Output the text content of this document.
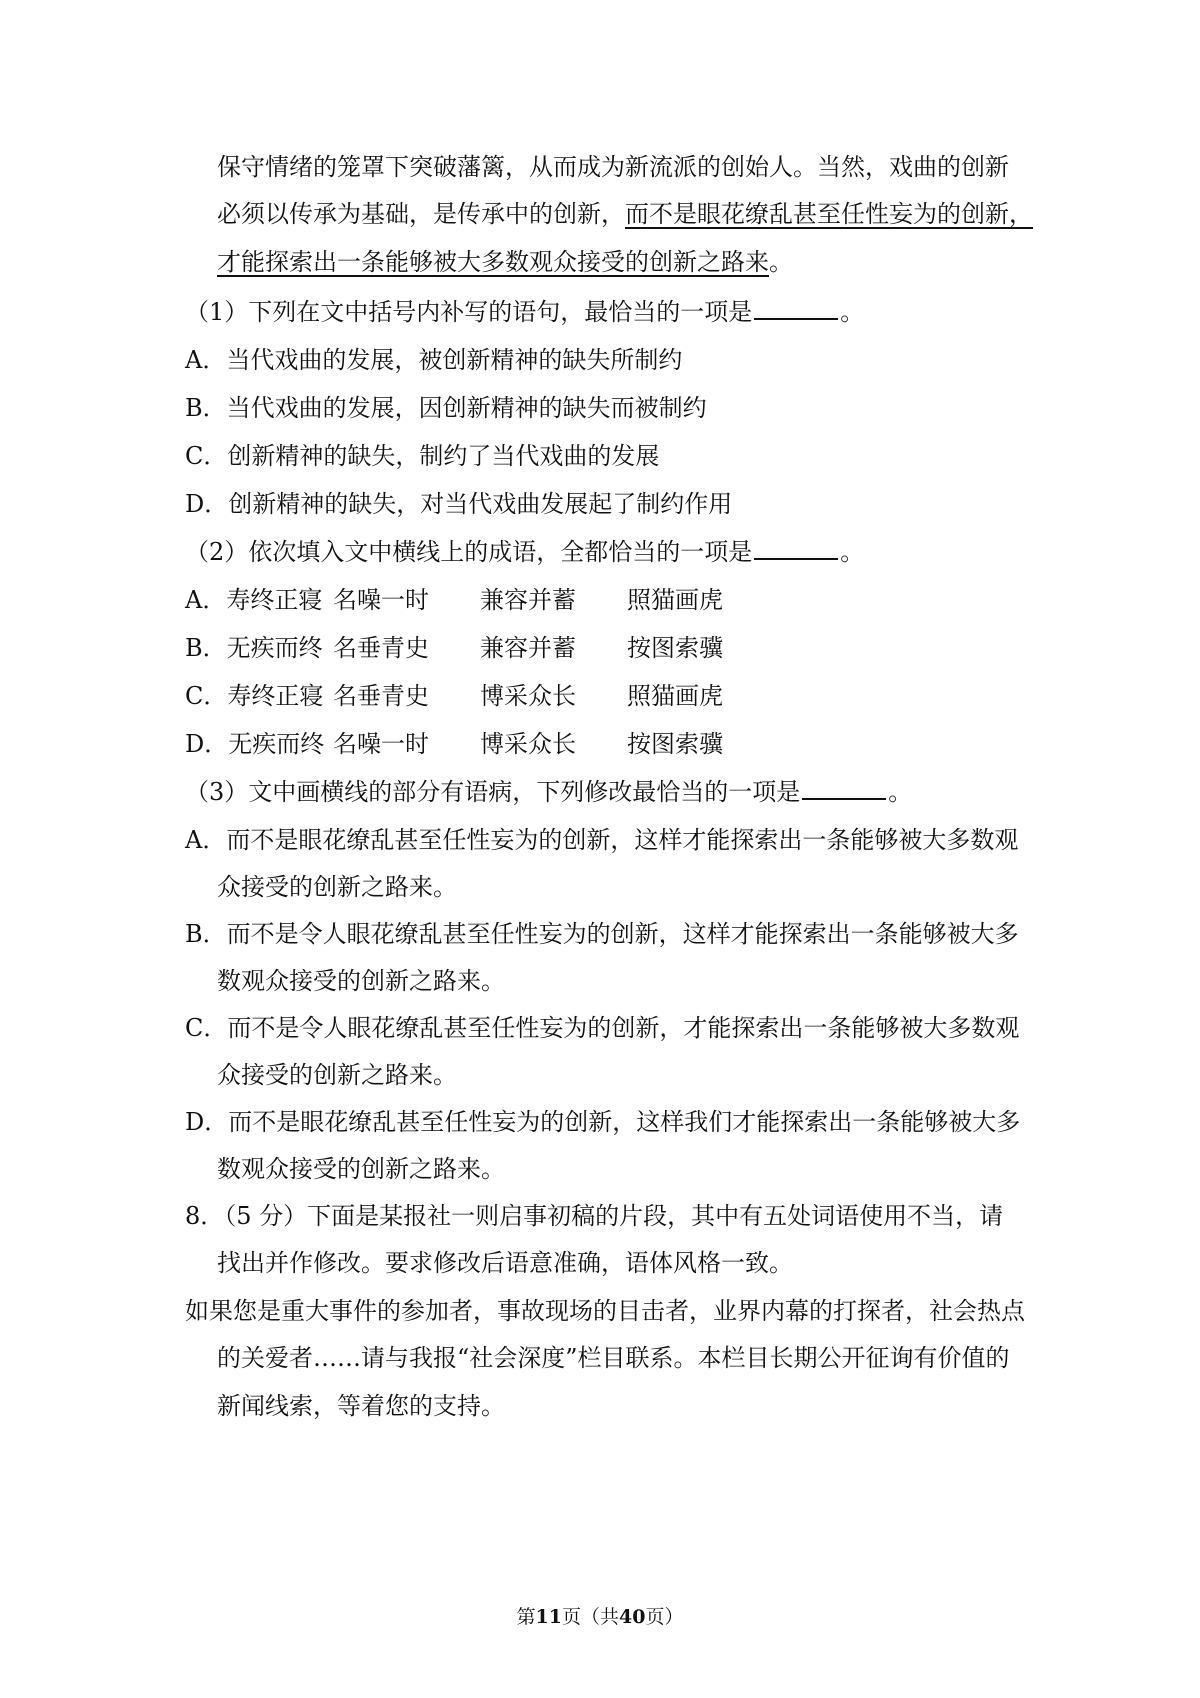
保守情绪的笼罩下突破藩篱，从而成为新流派的创始人。当然，戏曲的创新
必须以传承为基础，是传承中的创新，而不是眼花缭乱甚至任性妄为的创新，
才能探索出一条能够被大多数观众接受的创新之路来。
（1）下列在文中括号内补写的语句，最恰当的一项是	。
A．当代戏曲的发展，被创新精神的缺失所制约
B．当代戏曲的发展，因创新精神的缺失而被制约
C．创新精神的缺失，制约了当代戏曲的发展
D．创新精神的缺失，对当代戏曲发展起了制约作用
（2）依次填入文中横线上的成语，全都恰当的一项是	。
A．寿终正寝 名噪一时 兼容并蓄 照猫画虎
B．无疾而终 名垂青史 兼容并蓄 按图索骥
C．寿终正寝 名垂青史 博采众长 照猫画虎
D．无疾而终 名噪一时 博采众长 按图索骥
（3）文中画横线的部分有语病，下列修改最恰当的一项是	。
A．而不是眼花缭乱甚至任性妄为的创新，这样才能探索出一条能够被大多数观
众接受的创新之路来。
B．而不是令人眼花缭乱甚至任性妄为的创新，这样才能探索出一条能够被大多
数观众接受的创新之路来。
C．而不是令人眼花缭乱甚至任性妄为的创新，才能探索出一条能够被大多数观
众接受的创新之路来。
D．而不是眼花缭乱甚至任性妄为的创新，这样我们才能探索出一条能够被大多
数观众接受的创新之路来。
8．（5 分）下面是某报社一则启事初稿的片段，其中有五处词语使用不当，请
找出并作修改。要求修改后语意准确，语体风格一致。
如果您是重大事件的参加者，事故现场的目击者，业界内幕的打探者，社会热点
的关爱者……请与我报“社会深度”栏目联系。本栏目长期公开征询有价值的
新闻线索，等着您的支持。
第11页（共40页）
